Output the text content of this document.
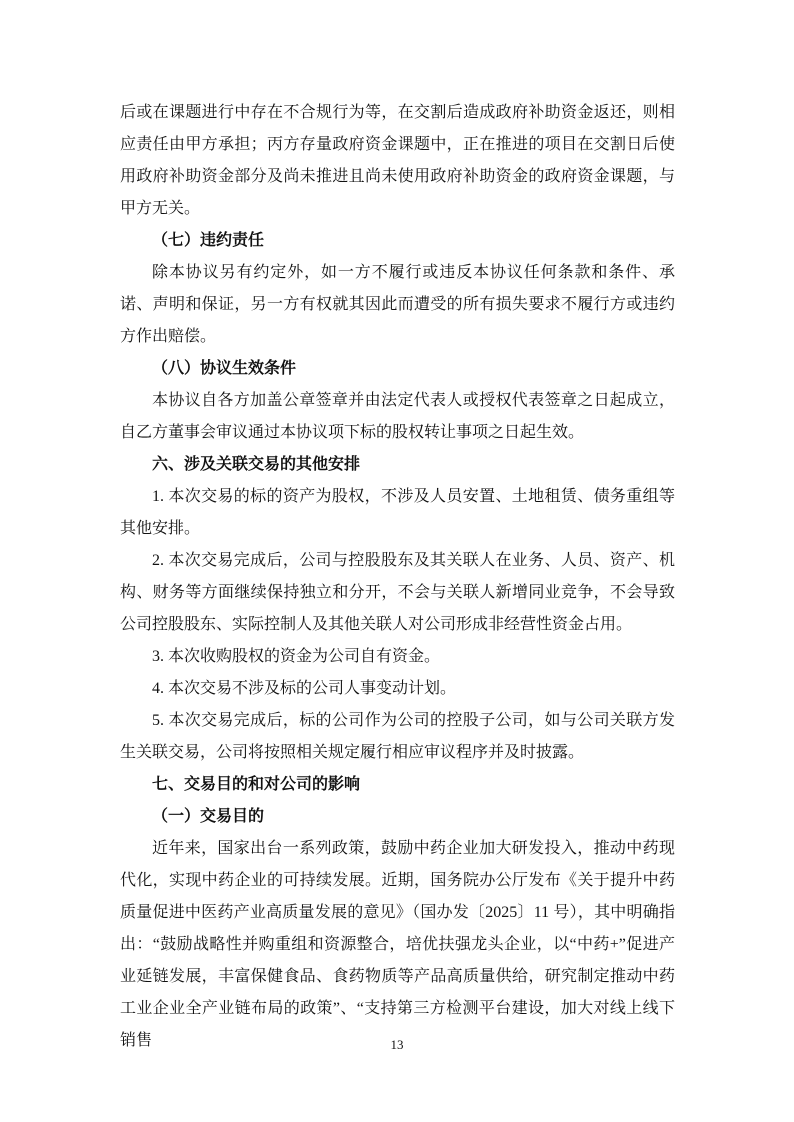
后或在课题进行中存在不合规行为等，在交割后造成政府补助资金返还，则相应责任由甲方承担；丙方存量政府资金课题中，正在推进的项目在交割日后使用政府补助资金部分及尚未推进且尚未使用政府补助资金的政府资金课题，与甲方无关。

（七）违约责任

除本协议另有约定外，如一方不履行或违反本协议任何条款和条件、承诺、声明和保证，另一方有权就其因此而遭受的所有损失要求不履行方或违约方作出赔偿。

（八）协议生效条件

本协议自各方加盖公章签章并由法定代表人或授权代表签章之日起成立，自乙方董事会审议通过本协议项下标的股权转让事项之日起生效。

六、涉及关联交易的其他安排

1. 本次交易的标的资产为股权，不涉及人员安置、土地租赁、债务重组等其他安排。

2. 本次交易完成后，公司与控股股东及其关联人在业务、人员、资产、机构、财务等方面继续保持独立和分开，不会与关联人新增同业竞争，不会导致公司控股股东、实际控制人及其他关联人对公司形成非经营性资金占用。

3. 本次收购股权的资金为公司自有资金。

4. 本次交易不涉及标的公司人事变动计划。

5. 本次交易完成后，标的公司作为公司的控股子公司，如与公司关联方发生关联交易，公司将按照相关规定履行相应审议程序并及时披露。

七、交易目的和对公司的影响

（一）交易目的

近年来，国家出台一系列政策，鼓励中药企业加大研发投入，推动中药现代化，实现中药企业的可持续发展。近期，国务院办公厅发布《关于提升中药质量促进中医药产业高质量发展的意见》（国办发〔2025〕11 号），其中明确指出：“鼓励战略性并购重组和资源整合，培优扶强龙头企业，以“中药+”促进产业延链发展，丰富保健食品、食药物质等产品高质量供给，研究制定推动中药工业企业全产业链布局的政策”、“支持第三方检测平台建设，加大对线上线下销售	13
